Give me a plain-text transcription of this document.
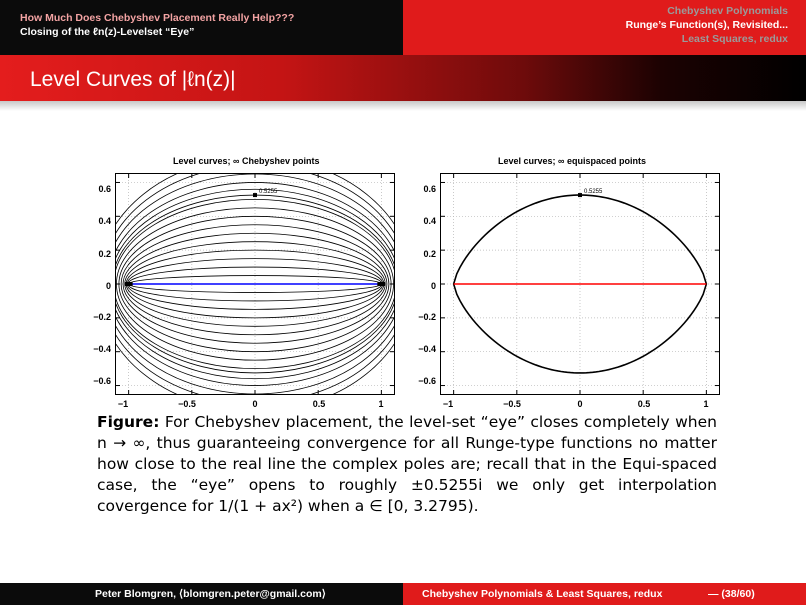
Chebyshev Polynomials
Runge’s Function(s), Revisited...
Least Squares, redux
How Much Does Chebyshev Placement Really Help???
Closing of the ℓn(z)-Levelset “Eye”
Level Curves of |ℓn(z)|
Level curves; ∞ Chebyshev points	Level curves; ∞ equispaced points
0.5255	0.5255
0.6
0.4
0.2
0
−0.2
−0.4
−0.6
−1	−0.5	0	0.5	1
0.6
0.4
0.2
0
−0.2
−0.4
−0.6
−1	−0.5	0	0.5	1
Figure: For Chebyshev placement, the level-set “eye” closes completely when n → ∞, thus guaranteeing convergence for all Runge-type functions no matter how close to the real line the complex poles are; recall that in the Equi-spaced case, the “eye” opens to roughly ±0.5255i we only get interpolation covergence for 1/(1 + ax²) when a ∈ [0, 3.2795).
Peter Blomgren, ⟨blomgren.peter@gmail.com⟩	Chebyshev Polynomials & Least Squares, redux	— (38/60)
